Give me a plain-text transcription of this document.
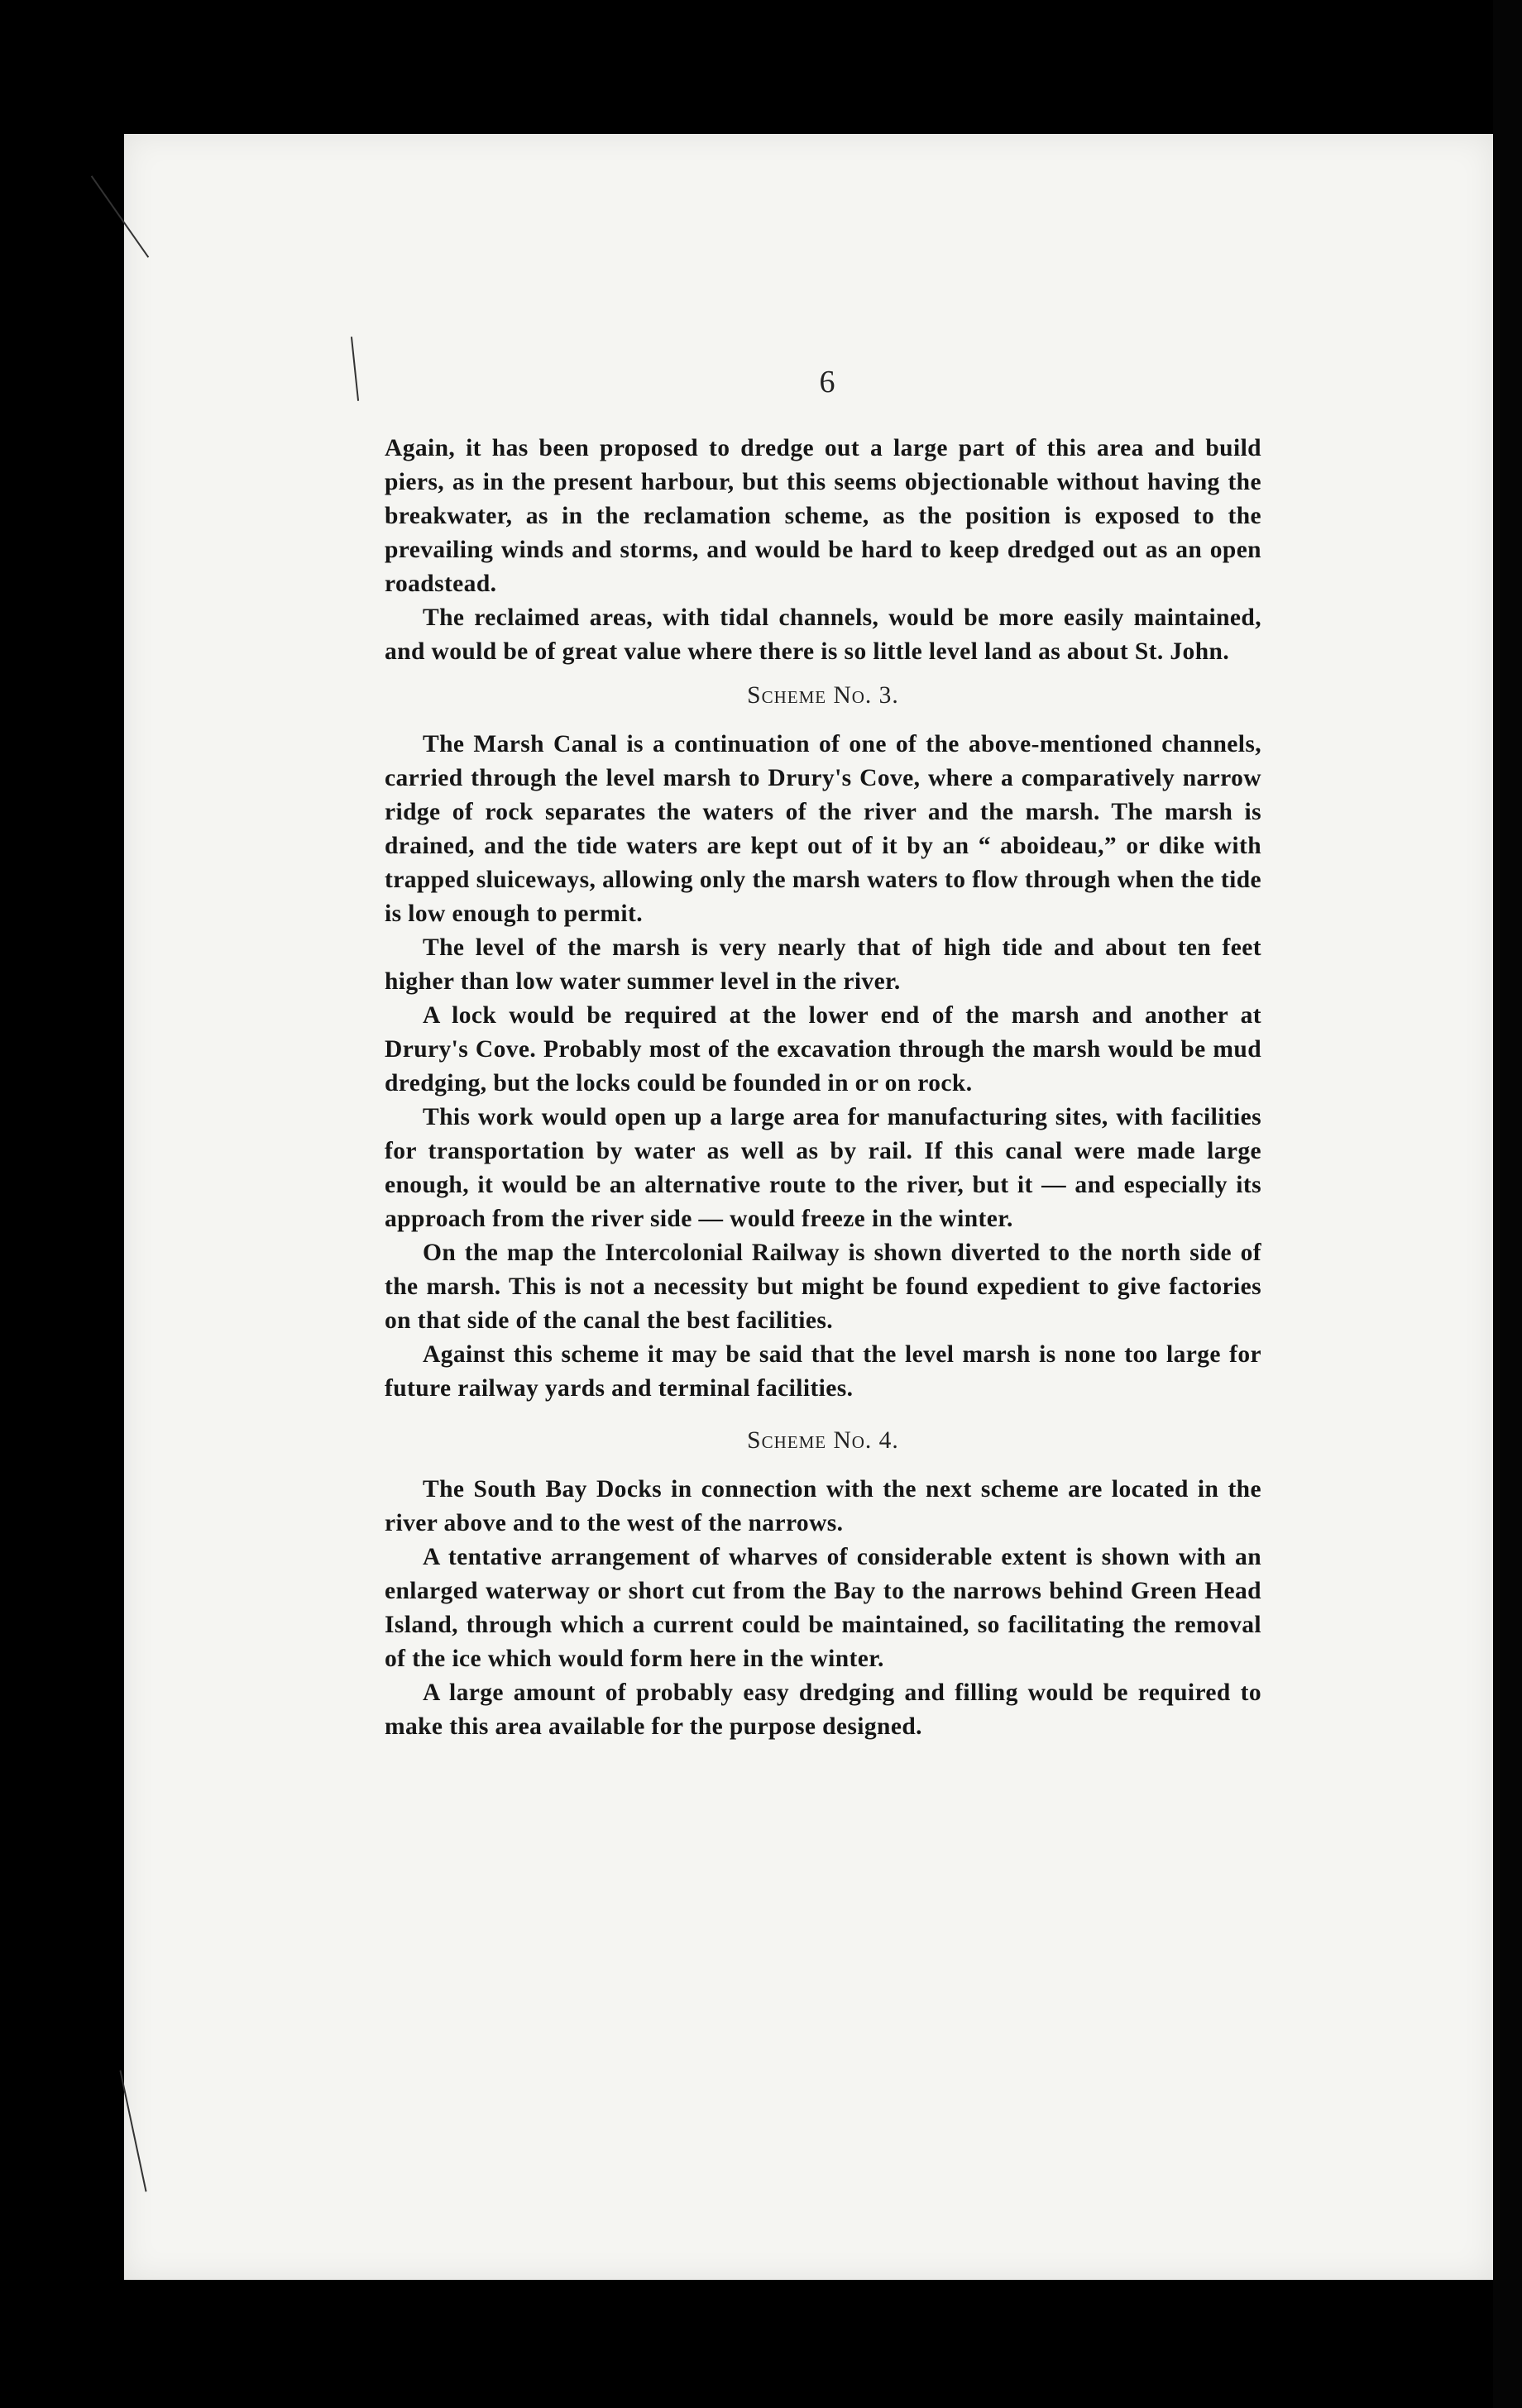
6

Again, it has been proposed to dredge out a large part of this area and build piers, as in the present harbour, but this seems objectionable without having the breakwater, as in the reclamation scheme, as the position is exposed to the prevailing winds and storms, and would be hard to keep dredged out as an open roadstead.

The reclaimed areas, with tidal channels, would be more easily maintained, and would be of great value where there is so little level land as about St. John.

Scheme No. 3.

The Marsh Canal is a continuation of one of the above-mentioned channels, carried through the level marsh to Drury's Cove, where a comparatively narrow ridge of rock separates the waters of the river and the marsh. The marsh is drained, and the tide waters are kept out of it by an “ aboideau,” or dike with trapped sluiceways, allowing only the marsh waters to flow through when the tide is low enough to permit.

The level of the marsh is very nearly that of high tide and about ten feet higher than low water summer level in the river.

A lock would be required at the lower end of the marsh and another at Drury's Cove. Probably most of the excavation through the marsh would be mud dredging, but the locks could be founded in or on rock.

This work would open up a large area for manufacturing sites, with facilities for transportation by water as well as by rail. If this canal were made large enough, it would be an alternative route to the river, but it — and especially its approach from the river side — would freeze in the winter.

On the map the Intercolonial Railway is shown diverted to the north side of the marsh. This is not a necessity but might be found expedient to give factories on that side of the canal the best facilities.

Against this scheme it may be said that the level marsh is none too large for future railway yards and terminal facilities.

Scheme No. 4.

The South Bay Docks in connection with the next scheme are located in the river above and to the west of the narrows.

A tentative arrangement of wharves of considerable extent is shown with an enlarged waterway or short cut from the Bay to the narrows behind Green Head Island, through which a current could be maintained, so facilitating the removal of the ice which would form here in the winter.

A large amount of probably easy dredging and filling would be required to make this area available for the purpose designed.
